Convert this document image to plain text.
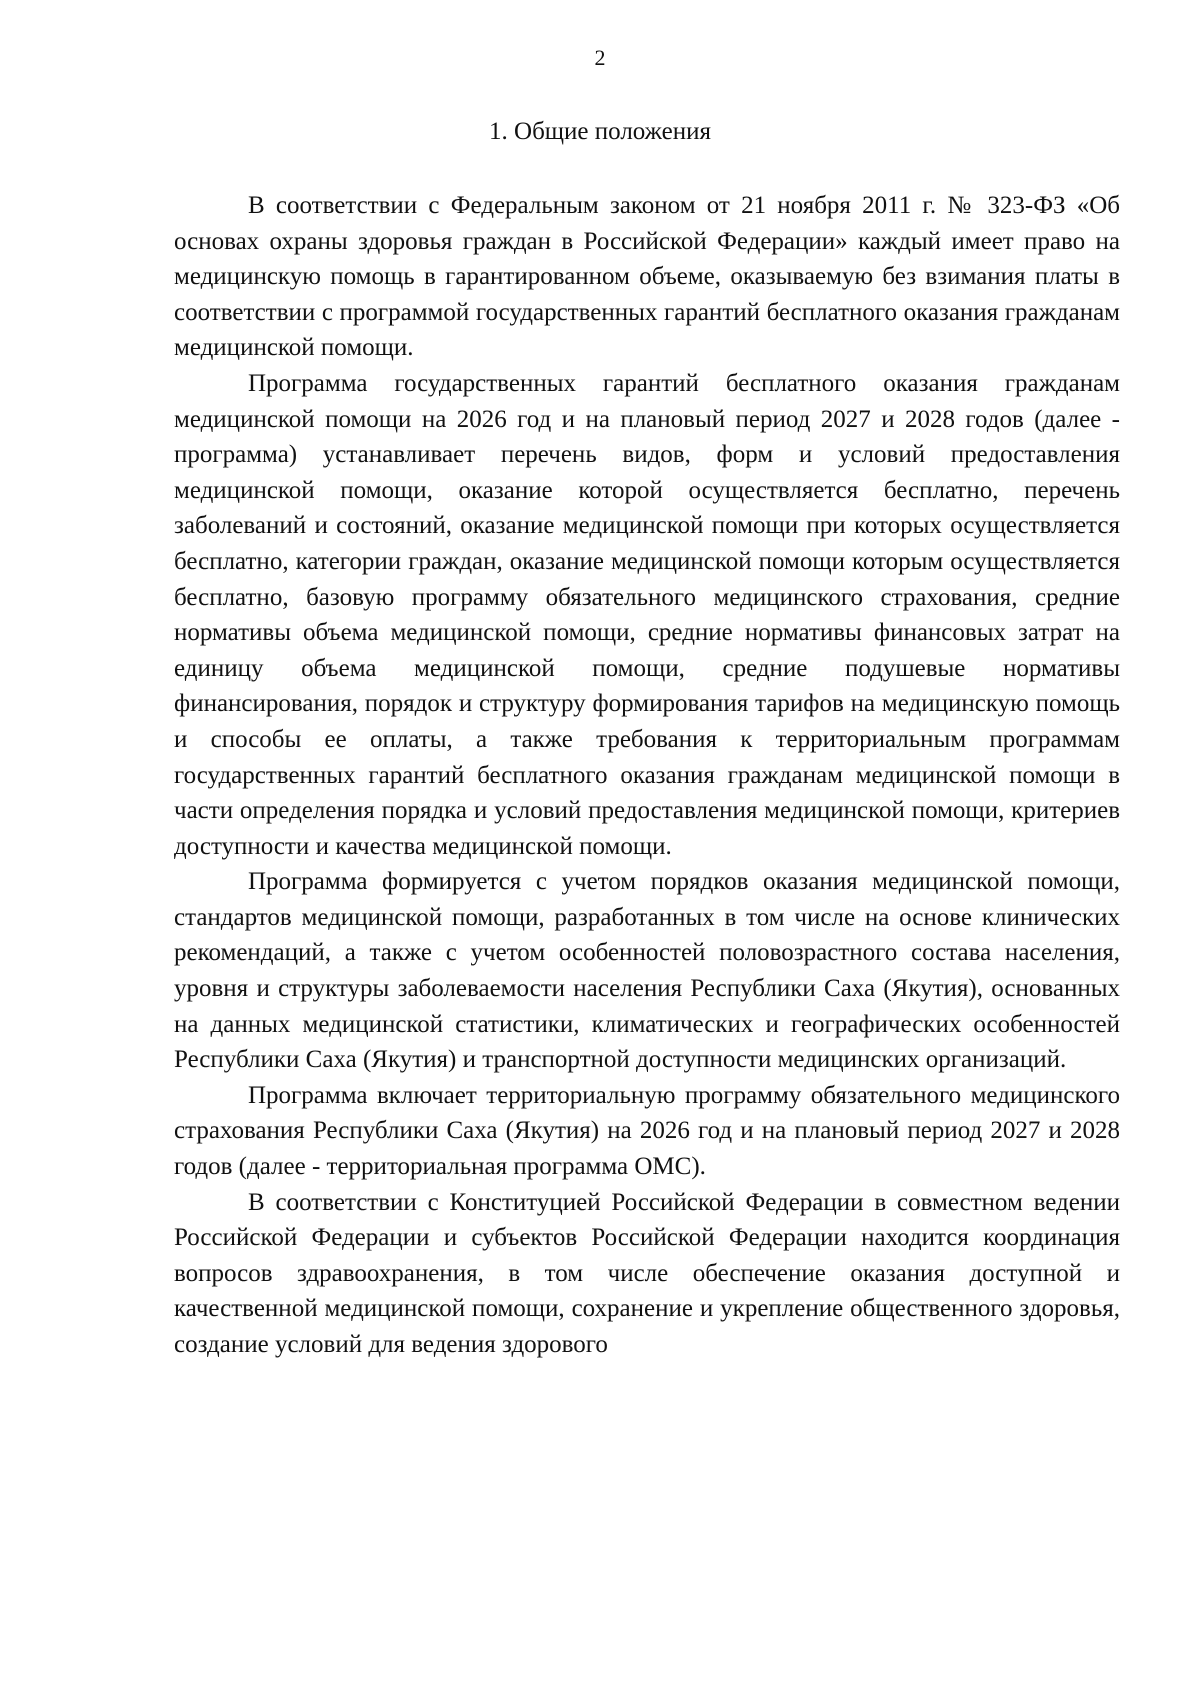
2
1. Общие положения

В соответствии с Федеральным законом от 21 ноября 2011 г. № 323-ФЗ «Об основах охраны здоровья граждан в Российской Федерации» каждый имеет право на медицинскую помощь в гарантированном объеме, оказываемую без взимания платы в соответствии с программой государственных гарантий бесплатного оказания гражданам медицинской помощи.

Программа государственных гарантий бесплатного оказания гражданам медицинской помощи на 2026 год и на плановый период 2027 и 2028 годов (далее - программа) устанавливает перечень видов, форм и условий предоставления медицинской помощи, оказание которой осуществляется бесплатно, перечень заболеваний и состояний, оказание медицинской помощи при которых осуществляется бесплатно, категории граждан, оказание медицинской помощи которым осуществляется бесплатно, базовую программу обязательного медицинского страхования, средние нормативы объема медицинской помощи, средние нормативы финансовых затрат на единицу объема медицинской помощи, средние подушевые нормативы финансирования, порядок и структуру формирования тарифов на медицинскую помощь и способы ее оплаты, а также требования к территориальным программам государственных гарантий бесплатного оказания гражданам медицинской помощи в части определения порядка и условий предоставления медицинской помощи, критериев доступности и качества медицинской помощи.

Программа формируется с учетом порядков оказания медицинской помощи, стандартов медицинской помощи, разработанных в том числе на основе клинических рекомендаций, а также с учетом особенностей половозрастного состава населения, уровня и структуры заболеваемости населения Республики Саха (Якутия), основанных на данных медицинской статистики, климатических и географических особенностей Республики Саха (Якутия) и транспортной доступности медицинских организаций.

Программа включает территориальную программу обязательного медицинского страхования Республики Саха (Якутия) на 2026 год и на плановый период 2027 и 2028 годов (далее - территориальная программа ОМС).

В соответствии с Конституцией Российской Федерации в совместном ведении Российской Федерации и субъектов Российской Федерации находится координация вопросов здравоохранения, в том числе обеспечение оказания доступной и качественной медицинской помощи, сохранение и укрепление общественного здоровья, создание условий для ведения здорового
